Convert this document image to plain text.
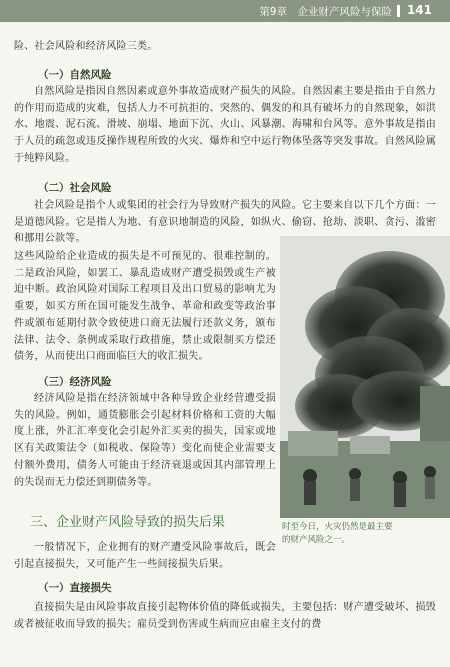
第9章　企业财产风险与保险 141

险、社会风险和经济风险三类。

（一）自然风险

自然风险是指因自然因素或意外事故造成财产损失的风险。自然因素主要是指由于自然力的作用而造成的灾难，包括人力不可抗拒的、突然的、偶发的和具有破坏力的自然现象，如洪水、地震、泥石流、滑坡、崩塌、地面下沉、火山、风暴潮、海啸和台风等。意外事故是指由于人员的疏忽或违反操作规程所致的火灾、爆炸和空中运行物体坠落等突发事故。自然风险属于纯粹风险。

（二）社会风险

社会风险是指个人或集团的社会行为导致财产损失的风险。它主要来自以下几个方面：一是道德风险。它是指人为地、有意识地制造的风险，如纵火、偷窃、抢劫、淡职、贪污、滥密和挪用公款等。

这些风险给企业造成的损失是不可预见的、很难控制的。二是政治风险，如罢工、暴乱造成财产遭受损毁或生产被迫中断。政治风险对国际工程项目及出口贸易的影响尤为重要，如买方所在国可能发生战争、革命和政变等政治事件或颁布延期付款令致使进口商无法履行还款义务，颁布法律、法令、条例或采取行政措施，禁止或限制买方偿还债务，从而使出口商面临巨大的收汇损失。

（三）经济风险

经济风险是指在经济领域中各种导致企业经营遭受损失的风险。例如，通货膨胀会引起材料价格和工资的大幅度上涨，外汇汇率变化会引起外汇买卖的损失，国家或地区有关政策法令（如税收、保险等）变化而使企业需要支付额外费用，债务人可能由于经济衰退或因其内部管理上的失误而无力偿还到期债务等。

三、企业财产风险导致的损失后果

一般情况下，企业拥有的财产遭受风险事故后，既会引起直接损失，又可能产生一些间接损失后果。

（一）直接损失

直接损失是由风险事故直接引起物体价值的降低或损失，主要包括：财产遭受破坏、损毁或者被征收而导致的损失；雇员受到伤害或生病而应由雇主支付的费

时至今日，火灾仍然是最主要的财产风险之一。
